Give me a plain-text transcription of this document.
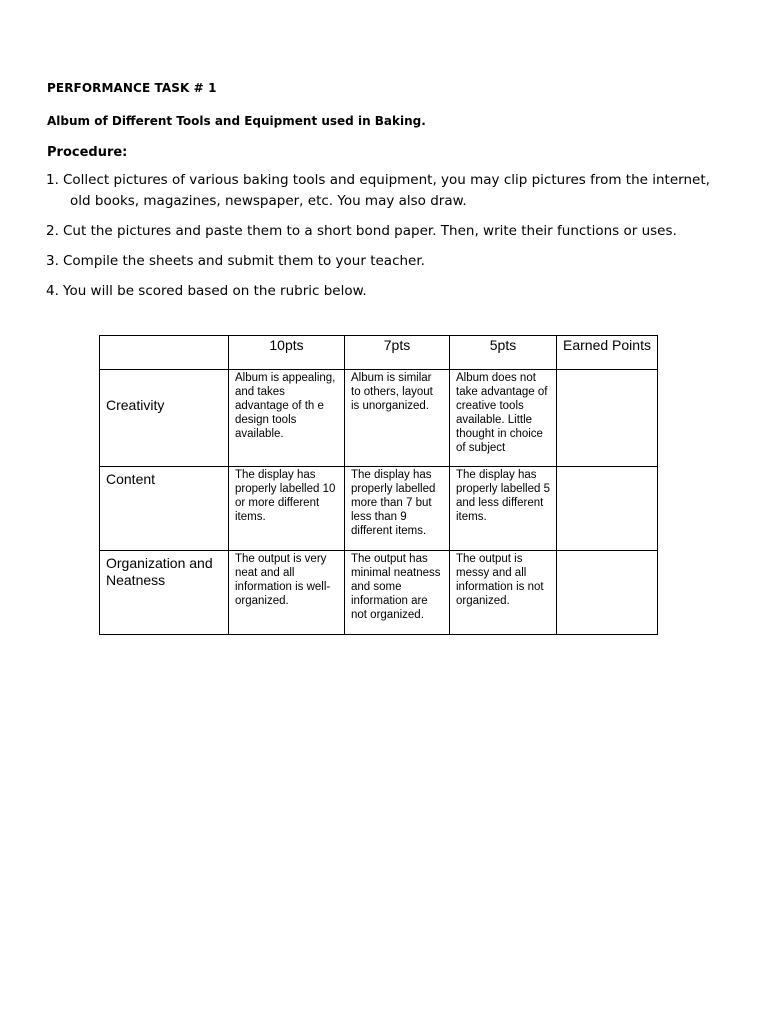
PERFORMANCE TASK # 1
Album of Different Tools and Equipment used in Baking.
Procedure:
1. Collect pictures of various baking tools and equipment, you may clip pictures from the internet,
old books, magazines, newspaper, etc. You may also draw.
2. Cut the pictures and paste them to a short bond paper. Then, write their functions or uses.
3. Compile the sheets and submit them to your teacher.
4. You will be scored based on the rubric below.
	10pts	7pts	5pts	Earned Points
Creativity	Album is appealing, and takes advantage of th e design tools available.	Album is similar to others, layout is unorganized.	Album does not take advantage of creative tools available. Little thought in choice of subject	
Content	The display has properly labelled 10 or more different items.	The display has properly labelled more than 7 but less than 9 different items.	The display has properly labelled 5 and less different items.	
Organization and Neatness	The output is very neat and all information is well-organized.	The output has minimal neatness and some information are not organized.	The output is messy and all information is not organized.	
